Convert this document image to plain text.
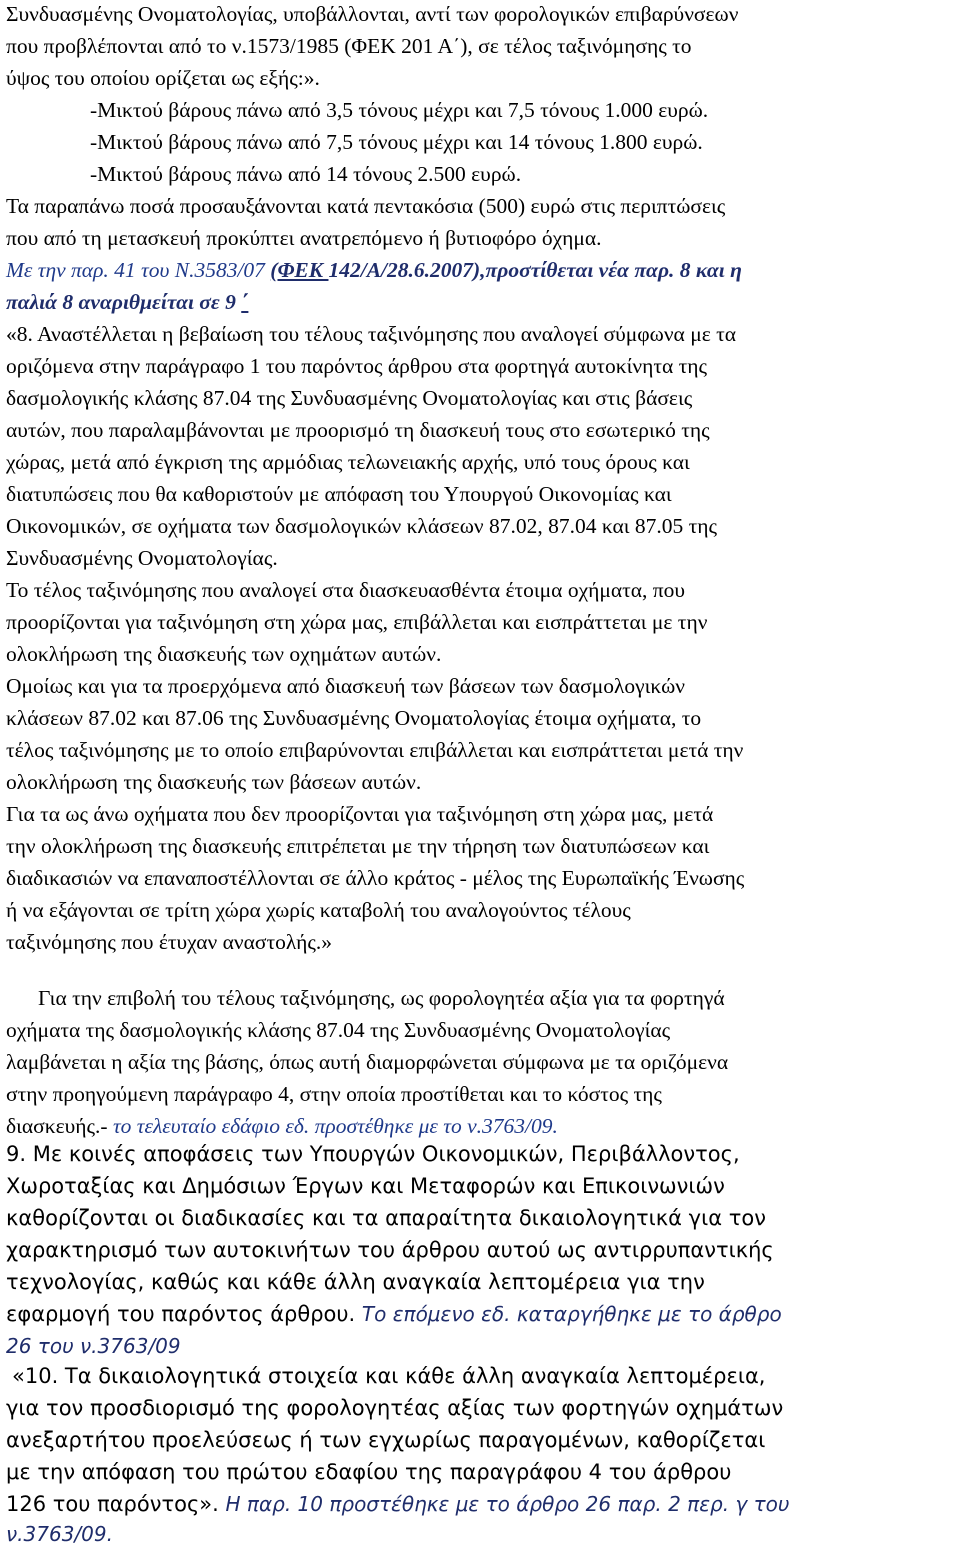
Συνδυασμένης Ονοματολογίας, υποβάλλονται, αντί των φορολογικών επιβαρύνσεων
που προβλέπονται από το ν.1573/1985 (ΦΕΚ 201 Α΄), σε τέλος ταξινόμησης το
ύψος του οποίου ορίζεται ως εξής:».
-Μικτού βάρους πάνω από 3,5 τόνους μέχρι και 7,5 τόνους 1.000 ευρώ.
-Μικτού βάρους πάνω από 7,5 τόνους μέχρι και 14 τόνους 1.800 ευρώ.
-Μικτού βάρους πάνω από 14 τόνους 2.500 ευρώ.
Τα παραπάνω ποσά προσαυξάνονται κατά πεντακόσια (500) ευρώ στις περιπτώσεις
που από τη μετασκευή προκύπτει ανατρεπόμενο ή βυτιοφόρο όχημα.
Με την παρ. 41 του Ν.3583/07 (ΦΕΚ 142/Α/28.6.2007),προστίθεται νέα παρ. 8 και η
παλιά 8 αναριθμείται σε 9 ΄
«8. Αναστέλλεται η βεβαίωση του τέλους ταξινόμησης που αναλογεί σύμφωνα με τα
οριζόμενα στην παράγραφο 1 του παρόντος άρθρου στα φορτηγά αυτοκίνητα της
δασμολογικής κλάσης 87.04 της Συνδυασμένης Ονοματολογίας και στις βάσεις
αυτών, που παραλαμβάνονται με προορισμό τη διασκευή τους στο εσωτερικό της
χώρας, μετά από έγκριση της αρμόδιας τελωνειακής αρχής, υπό τους όρους και
διατυπώσεις που θα καθοριστούν με απόφαση του Υπουργού Οικονομίας και
Οικονομικών, σε οχήματα των δασμολογικών κλάσεων 87.02, 87.04 και 87.05 της
Συνδυασμένης Ονοματολογίας.
Το τέλος ταξινόμησης που αναλογεί στα διασκευασθέντα έτοιμα οχήματα, που
προορίζονται για ταξινόμηση στη χώρα μας, επιβάλλεται και εισπράττεται με την
ολοκλήρωση της διασκευής των οχημάτων αυτών.
Ομοίως και για τα προερχόμενα από διασκευή των βάσεων των δασμολογικών
κλάσεων 87.02 και 87.06 της Συνδυασμένης Ονοματολογίας έτοιμα οχήματα, το
τέλος ταξινόμησης με το οποίο επιβαρύνονται επιβάλλεται και εισπράττεται μετά την
ολοκλήρωση της διασκευής των βάσεων αυτών.
Για τα ως άνω οχήματα που δεν προορίζονται για ταξινόμηση στη χώρα μας, μετά
την ολοκλήρωση της διασκευής επιτρέπεται με την τήρηση των διατυπώσεων και
διαδικασιών να επαναποστέλλονται σε άλλο κράτος - μέλος της Ευρωπαϊκής Ένωσης
ή να εξάγονται σε τρίτη χώρα χωρίς καταβολή του αναλογούντος τέλους
ταξινόμησης που έτυχαν αναστολής.»
Για την επιβολή του τέλους ταξινόμησης, ως φορολογητέα αξία για τα φορτηγά
οχήματα της δασμολογικής κλάσης 87.04 της Συνδυασμένης Ονοματολογίας
λαμβάνεται η αξία της βάσης, όπως αυτή διαμορφώνεται σύμφωνα με τα οριζόμενα
στην προηγούμενη παράγραφο 4, στην οποία προστίθεται και το κόστος της
διασκευής.- το τελευταίο εδάφιο εδ. προστέθηκε με το ν.3763/09.
9. Με κοινές αποφάσεις των Υπουργών Οικονομικών, Περιβάλλοντος,
Χωροταξίας και Δημόσιων Έργων και Μεταφορών και Επικοινωνιών
καθορίζονται οι διαδικασίες και τα απαραίτητα δικαιολογητικά για τον
χαρακτηρισμό των αυτοκινήτων του άρθρου αυτού ως αντιρρυπαντικής
τεχνολογίας, καθώς και κάθε άλλη αναγκαία λεπτομέρεια για την
εφαρμογή του παρόντος άρθρου. Το επόμενο εδ. καταργήθηκε με το άρθρο
26 του ν.3763/09
«10. Τα δικαιολογητικά στοιχεία και κάθε άλλη αναγκαία λεπτομέρεια,
για τον προσδιορισμό της φορολογητέας αξίας των φορτηγών οχημάτων
ανεξαρτήτου προελεύσεως ή των εγχωρίως παραγομένων, καθορίζεται
με την απόφαση του πρώτου εδαφίου της παραγράφου 4 του άρθρου
126 του παρόντος». Η παρ. 10 προστέθηκε με το άρθρο 26 παρ. 2 περ. γ του
ν.3763/09.
